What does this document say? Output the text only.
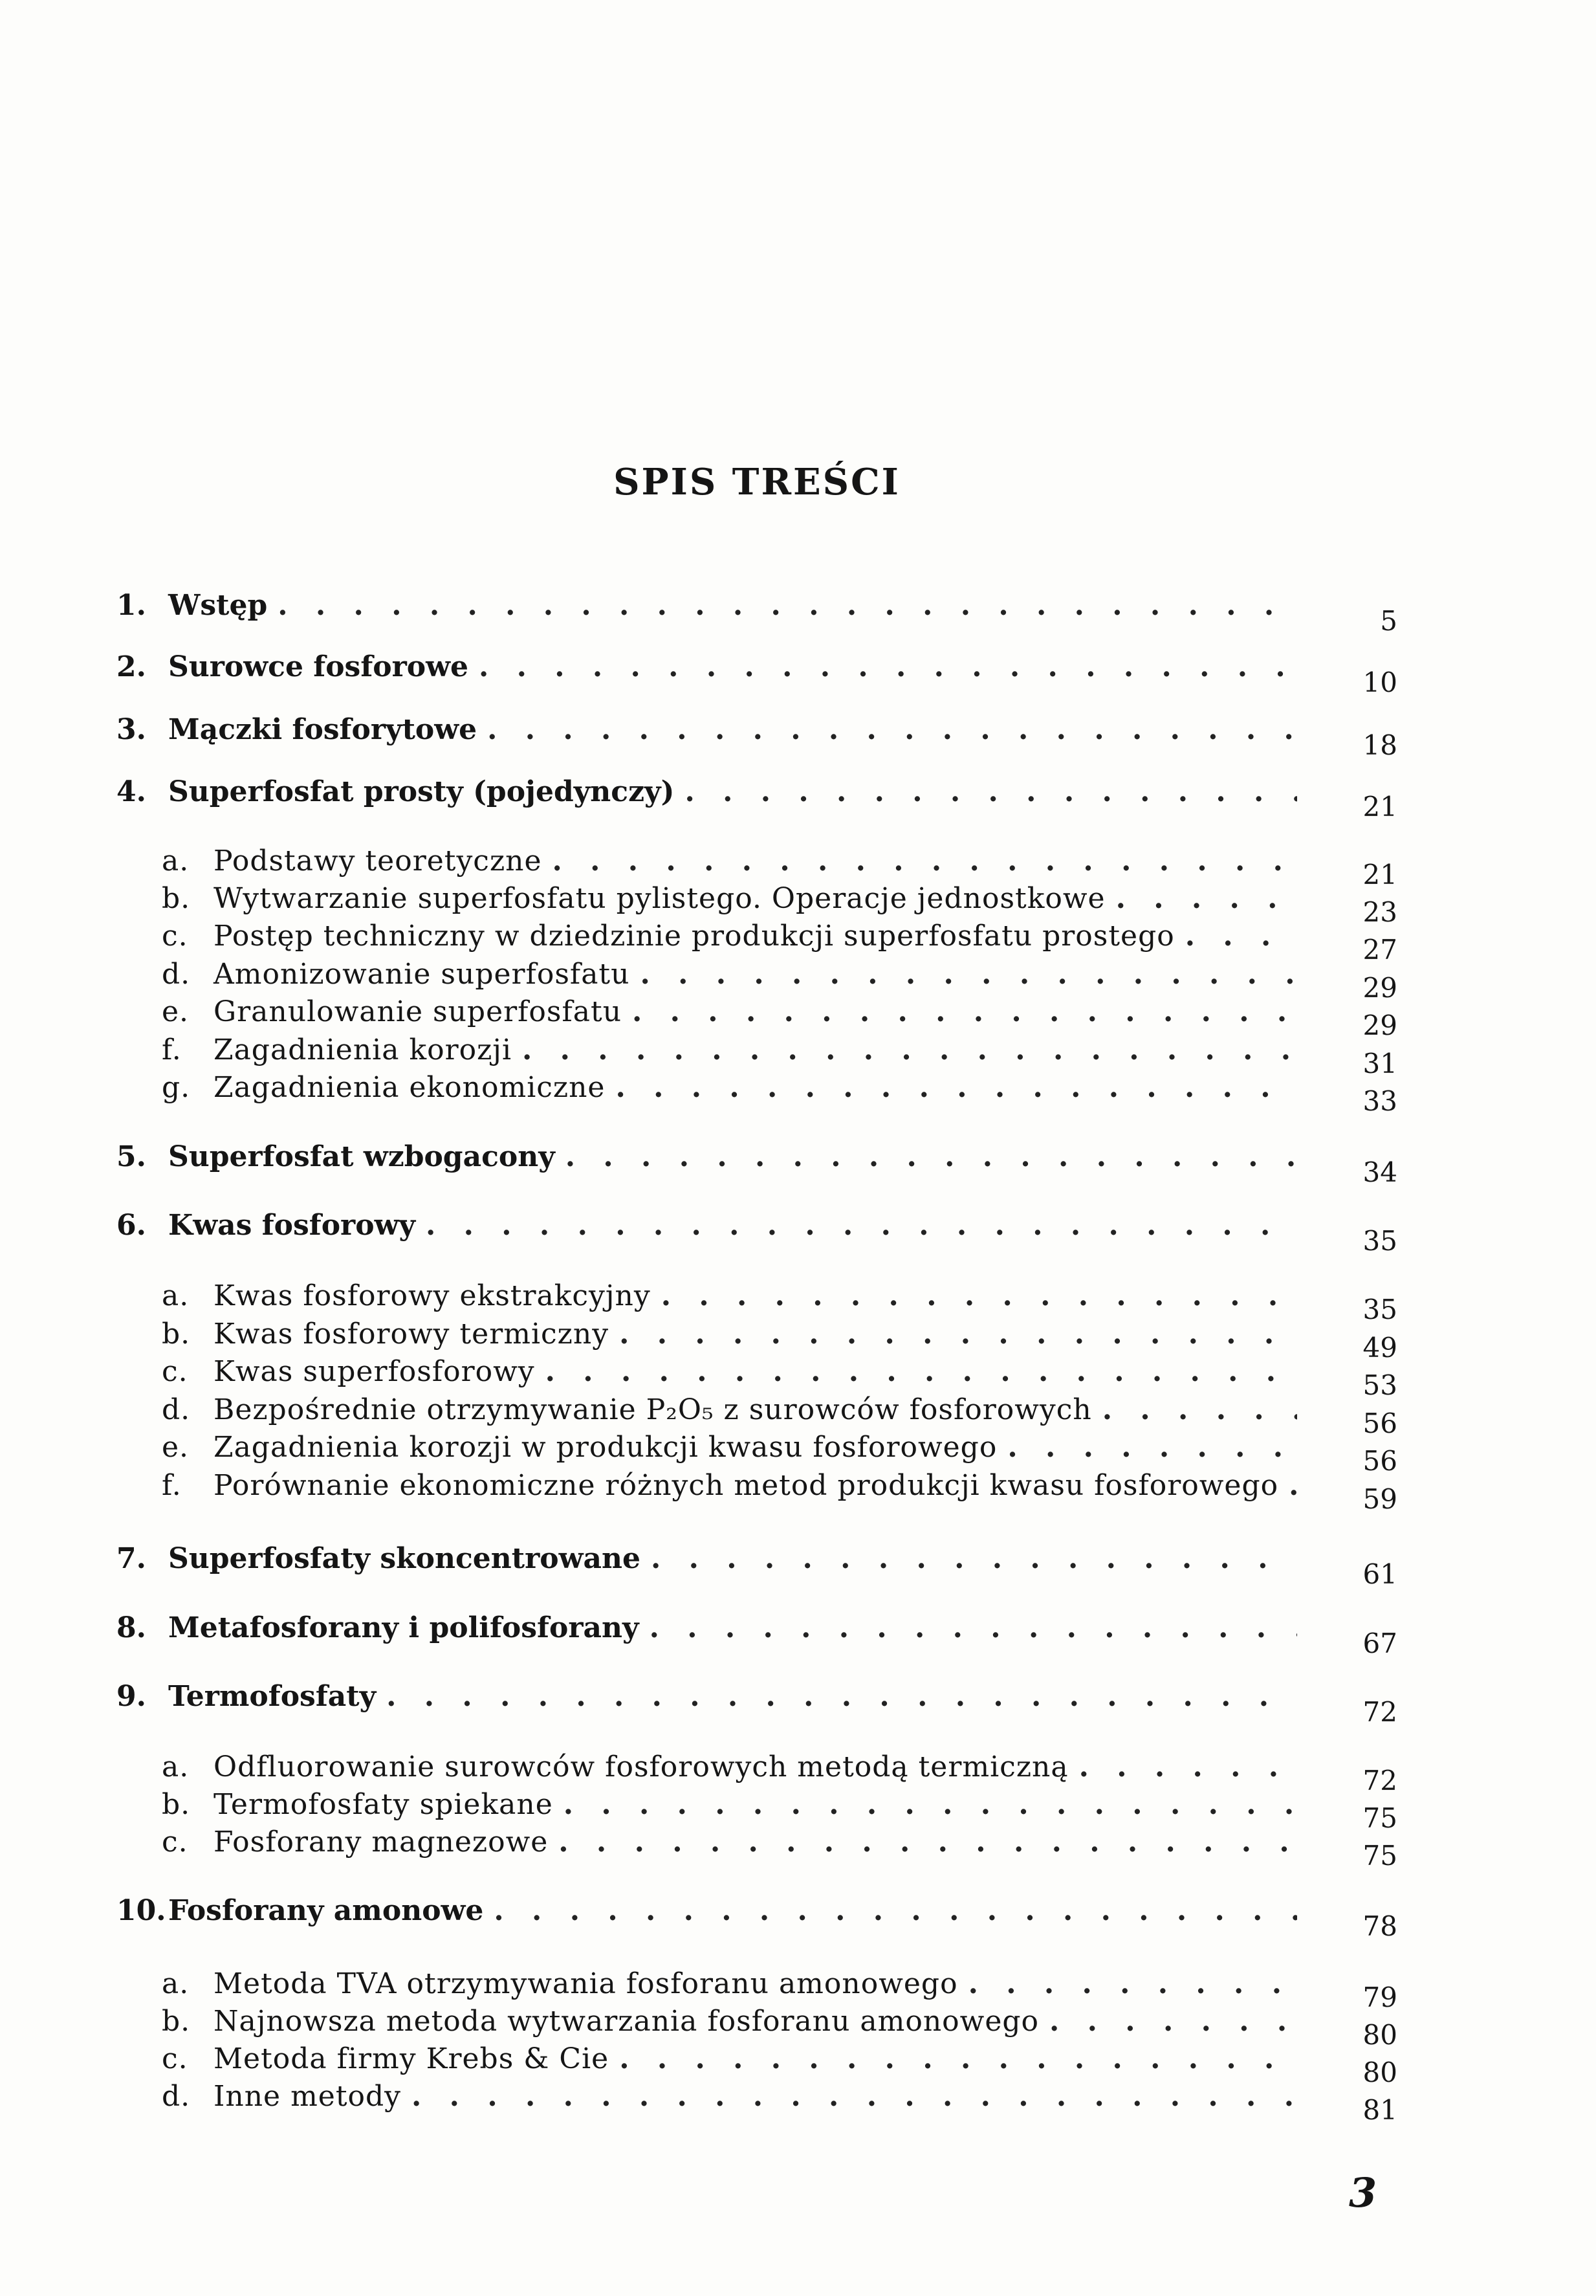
SPIS TREŚCI
1. Wstęp . . .	5
2. Surowce fosforowe . . .	10
3. Mączki fosforytowe . . .	18
4. Superfosfat prosty (pojedynczy) . . .	21
a. Podstawy teoretyczne . . .	21
b. Wytwarzanie superfosfatu pylistego. Operacje jednostkowe . . .	23
c. Postęp techniczny w dziedzinie produkcji superfosfatu prostego . . .	27
d. Amonizowanie superfosfatu . . .	29
e. Granulowanie superfosfatu . . .	29
f.	Zagadnienia korozji . . .	31
g. Zagadnienia ekonomiczne . . .	33
5. Superfosfat wzbogacony . . .	34
6. Kwas fosforowy . . .	35
a. Kwas fosforowy ekstrakcyjny . . .	35
b. Kwas fosforowy termiczny . . .	49
c. Kwas superfosforowy . . .	53
d. Bezpośrednie otrzymywanie P₂O₅ z surowców fosforowych . . .	56
e. Zagadnienia korozji w produkcji kwasu fosforowego . . .	56
f.	Porównanie ekonomiczne różnych metod produkcji kwasu fosforowego . . .	59
7. Superfosfaty skoncentrowane . . .	61
8. Metafosforany i polifosforany . . .	67
9. Termofosfaty . . .	72
a. Odfluorowanie surowców fosforowych metodą termiczną . . .	72
b. Termofosfaty spiekane . . .	75
c. Fosforany magnezowe . . .	75
10. Fosforany amonowe . . .	78
a. Metoda TVA otrzymywania fosforanu amonowego . . .	79
b. Najnowsza metoda wytwarzania fosforanu amonowego . . .	80
c. Metoda firmy Krebs & Cie . . .	80
d. Inne metody . . .	81
3
